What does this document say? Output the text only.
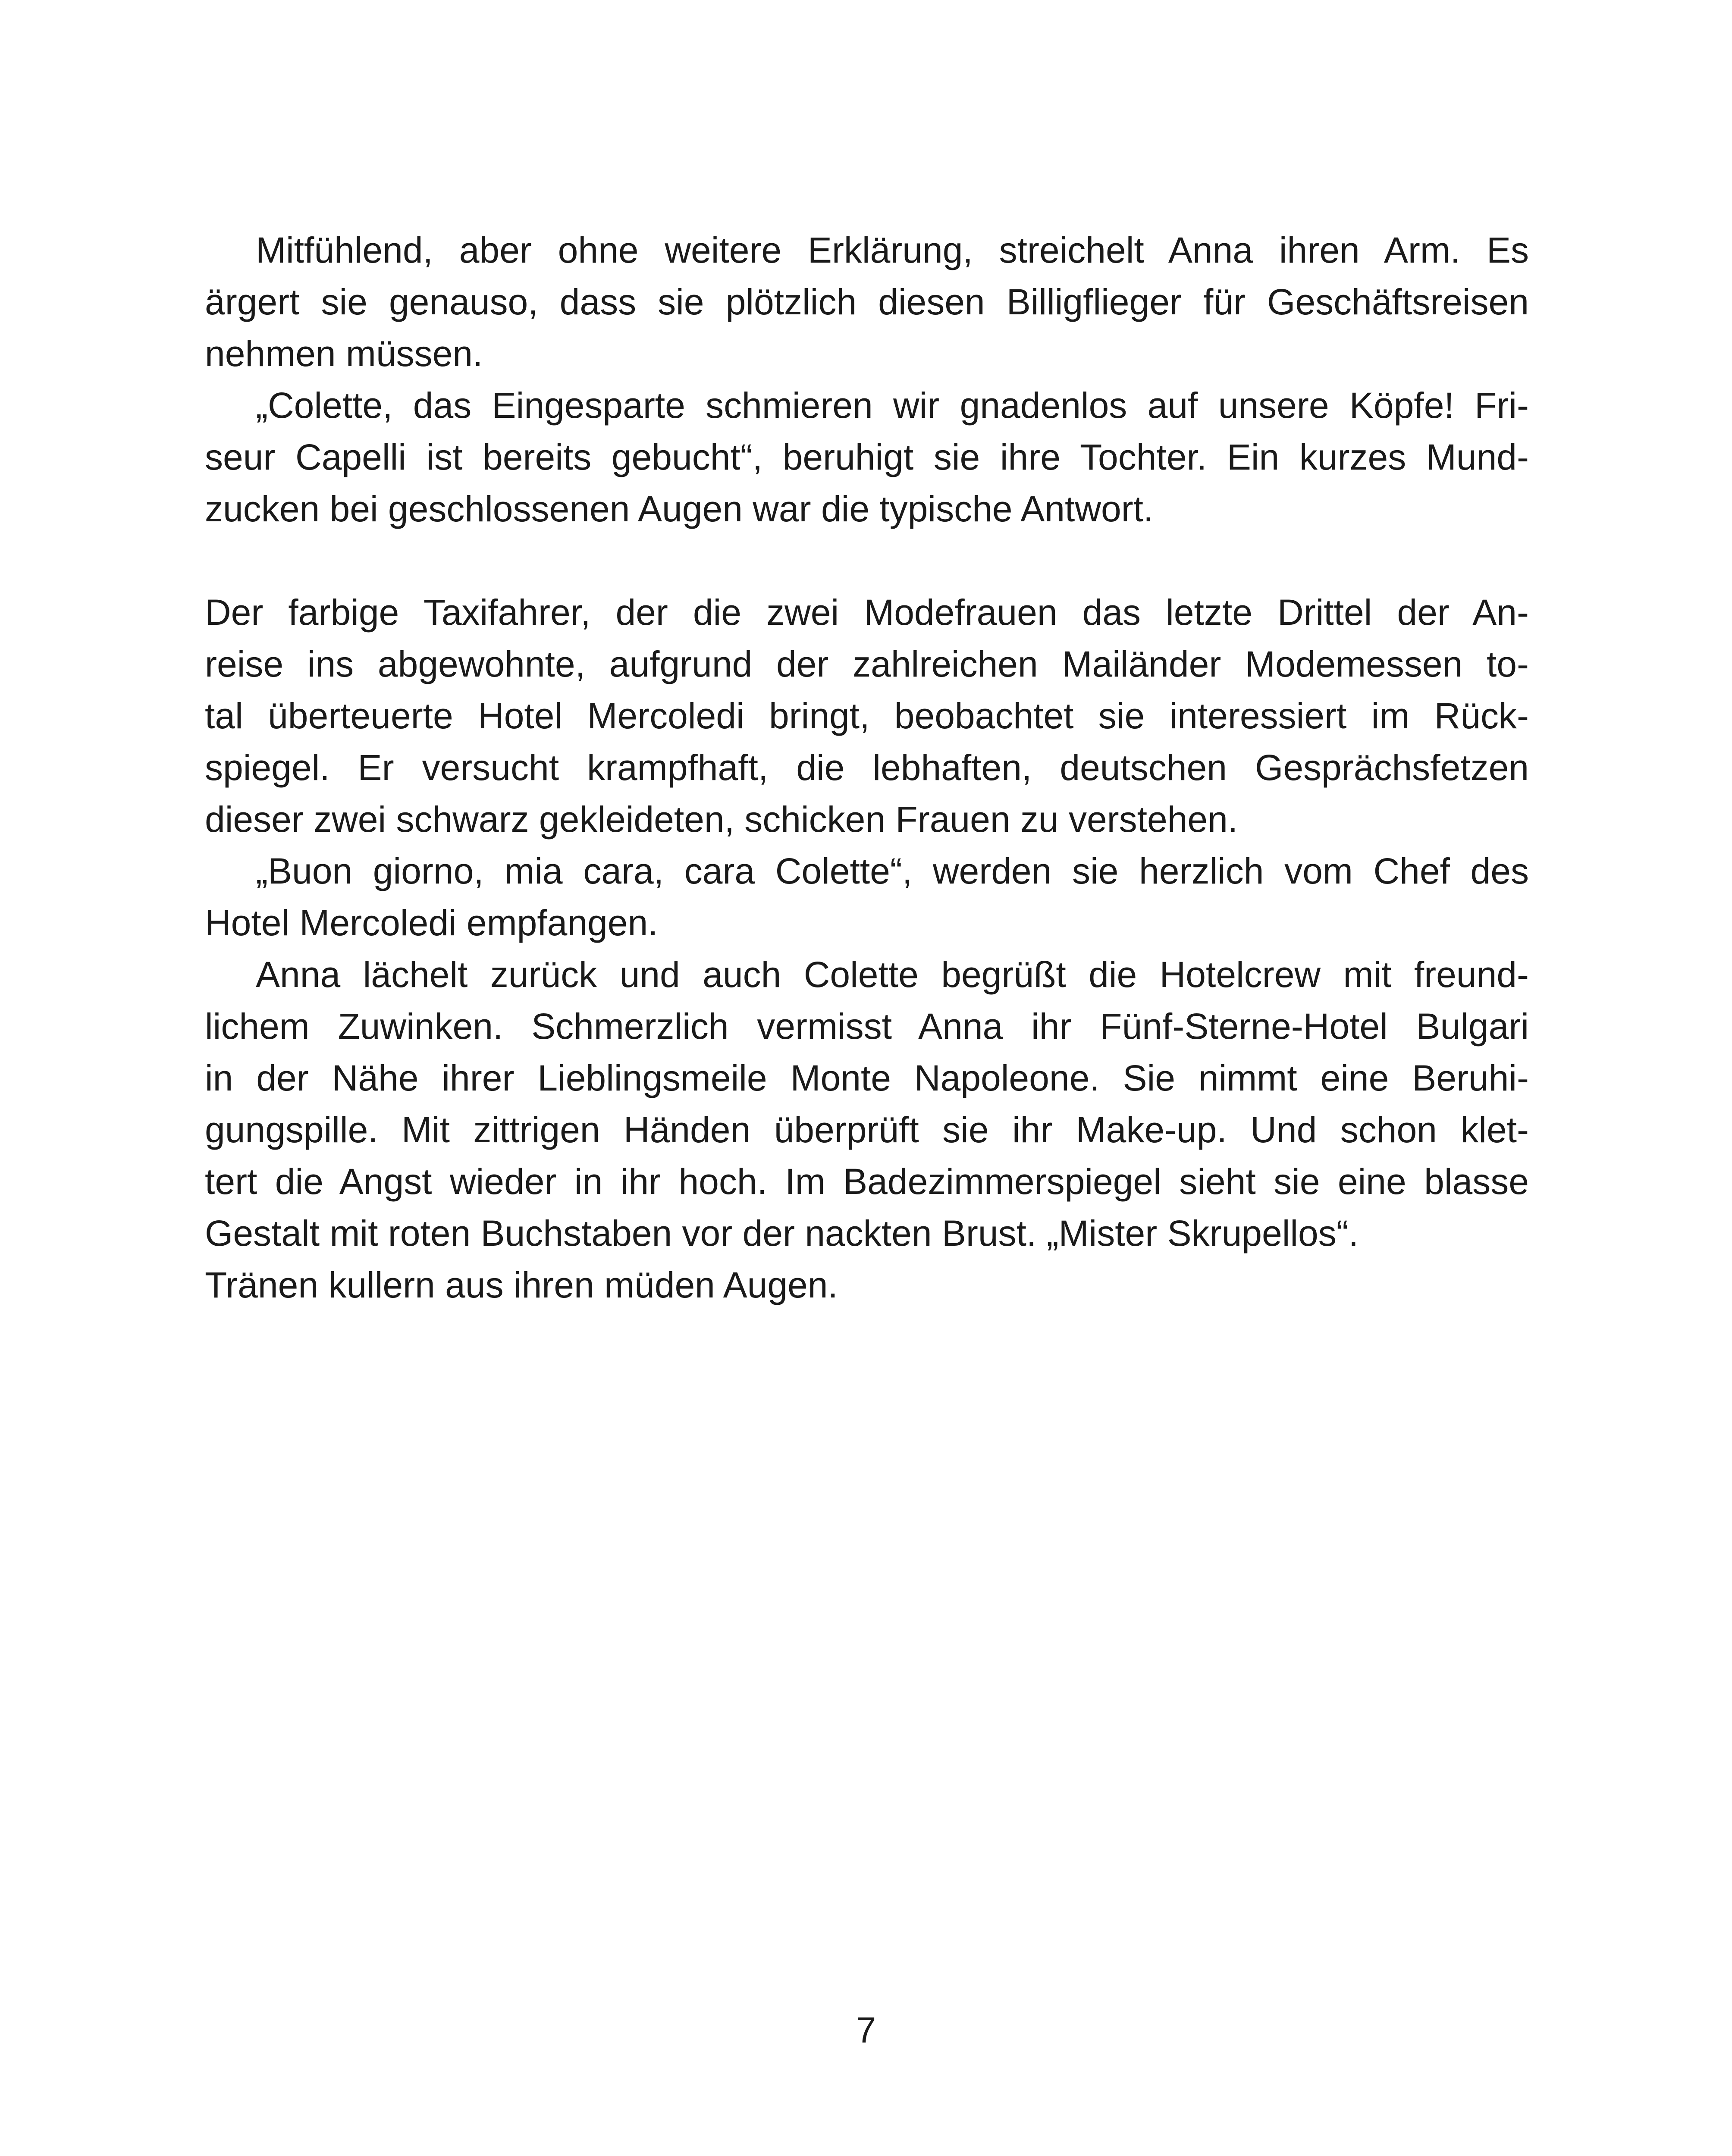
Mitfühlend, aber ohne weitere Erklärung, streichelt Anna ihren Arm. Es
ärgert sie genauso, dass sie plötzlich diesen Billigflieger für Geschäftsreisen
nehmen müssen.
„Colette, das Eingesparte schmieren wir gnadenlos auf unsere Köpfe! Fri-
seur Capelli ist bereits gebucht“, beruhigt sie ihre Tochter. Ein kurzes Mund-
zucken bei geschlossenen Augen war die typische Antwort.
Der farbige Taxifahrer, der die zwei Modefrauen das letzte Drittel der An-
reise ins abgewohnte, aufgrund der zahlreichen Mailänder Modemessen to-
tal überteuerte Hotel Mercoledi bringt, beobachtet sie interessiert im Rück-
spiegel. Er versucht krampfhaft, die lebhaften, deutschen Gesprächsfetzen
dieser zwei schwarz gekleideten, schicken Frauen zu verstehen.
„Buon giorno, mia cara, cara Colette“, werden sie herzlich vom Chef des
Hotel Mercoledi empfangen.
Anna lächelt zurück und auch Colette begrüßt die Hotelcrew mit freund-
lichem Zuwinken. Schmerzlich vermisst Anna ihr Fünf-Sterne-Hotel Bulgari
in der Nähe ihrer Lieblingsmeile Monte Napoleone. Sie nimmt eine Beruhi-
gungspille. Mit zittrigen Händen überprüft sie ihr Make-up. Und schon klet-
tert die Angst wieder in ihr hoch. Im Badezimmerspiegel sieht sie eine blasse
Gestalt mit roten Buchstaben vor der nackten Brust. „Mister Skrupellos“.
Tränen kullern aus ihren müden Augen.
7
